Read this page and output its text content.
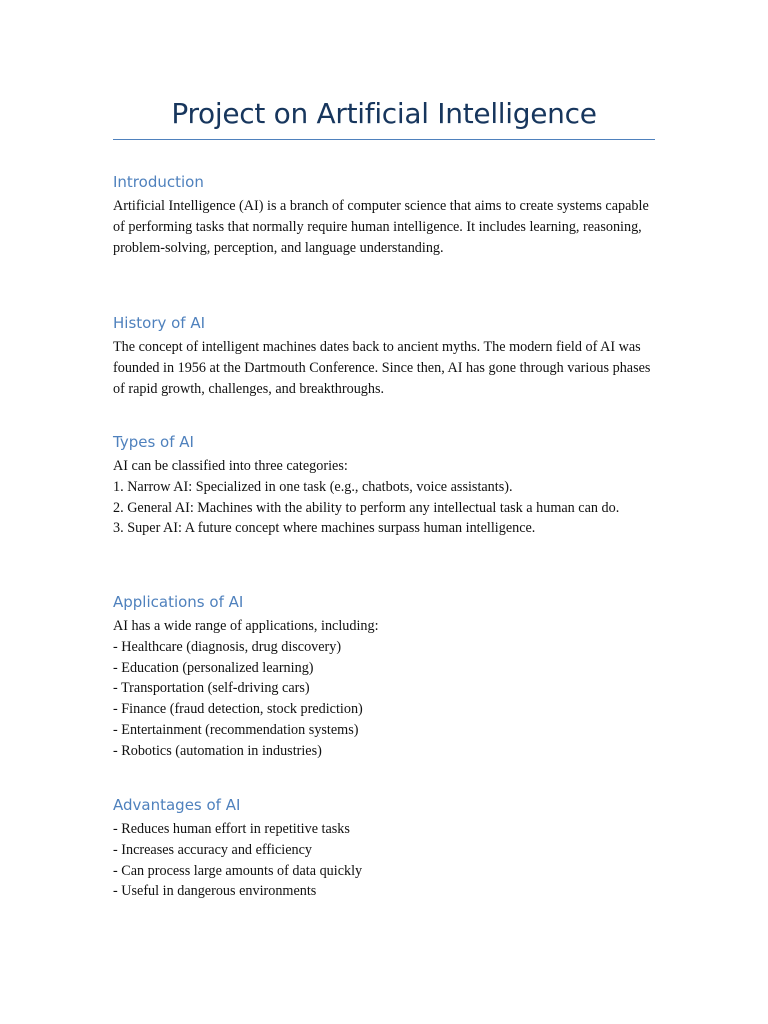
Project on Artificial Intelligence
Introduction

Artificial Intelligence (AI) is a branch of computer science that aims to create systems capable of performing tasks that normally require human intelligence. It includes learning, reasoning, problem-solving, perception, and language understanding.

History of AI

The concept of intelligent machines dates back to ancient myths. The modern field of AI was founded in 1956 at the Dartmouth Conference. Since then, AI has gone through various phases of rapid growth, challenges, and breakthroughs.

Types of AI

AI can be classified into three categories:

1. Narrow AI: Specialized in one task (e.g., chatbots, voice assistants).

2. General AI: Machines with the ability to perform any intellectual task a human can do.

3. Super AI: A future concept where machines surpass human intelligence.

Applications of AI

AI has a wide range of applications, including:

- Healthcare (diagnosis, drug discovery)

- Education (personalized learning)

- Transportation (self-driving cars)

- Finance (fraud detection, stock prediction)

- Entertainment (recommendation systems)

- Robotics (automation in industries)

Advantages of AI

- Reduces human effort in repetitive tasks

- Increases accuracy and efficiency

- Can process large amounts of data quickly

- Useful in dangerous environments
